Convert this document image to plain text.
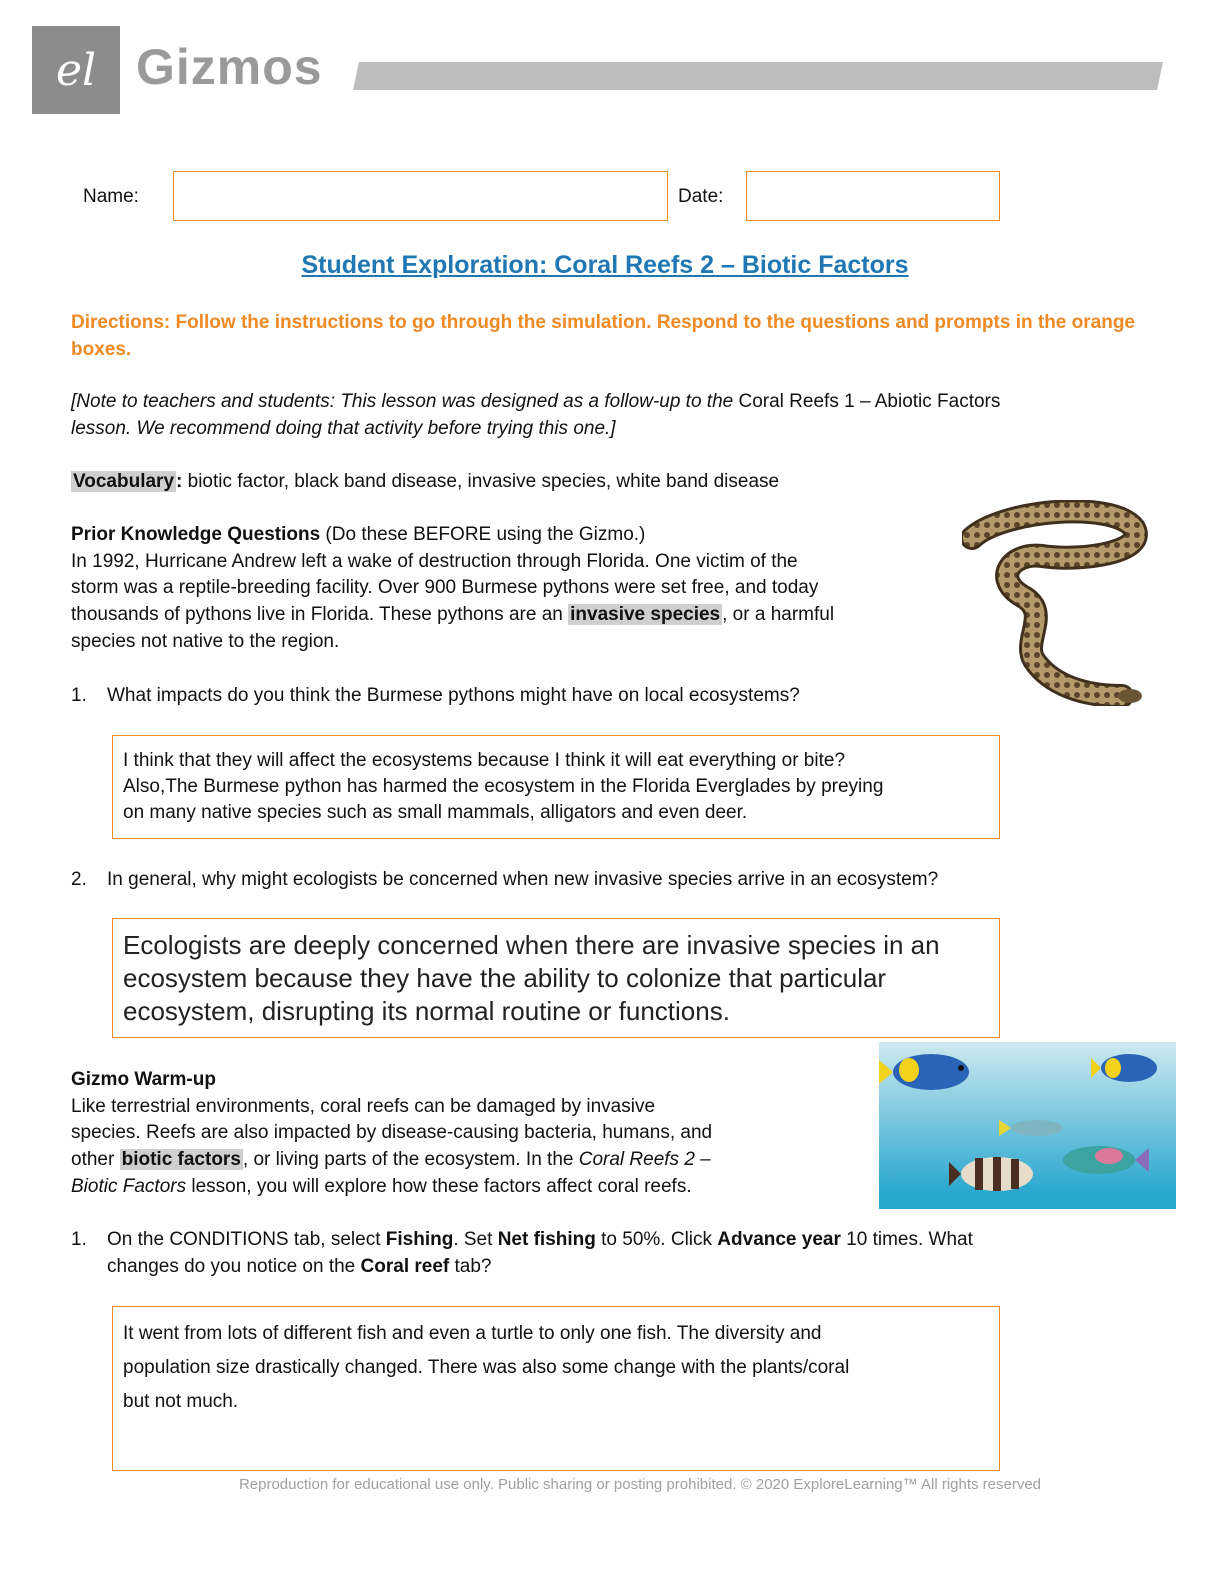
el Gizmos
Name:	Date:
Student Exploration: Coral Reefs 2 – Biotic Factors
Directions: Follow the instructions to go through the simulation. Respond to the questions and prompts in the orange boxes.
[Note to teachers and students: This lesson was designed as a follow-up to the Coral Reefs 1 – Abiotic Factors
lesson. We recommend doing that activity before trying this one.]
Vocabulary : biotic factor, black band disease, invasive species, white band disease
Prior Knowledge Questions (Do these BEFORE using the Gizmo.)
In 1992, Hurricane Andrew left a wake of destruction through Florida. One victim of the
storm was a reptile-breeding facility. Over 900 Burmese pythons were set free, and today
thousands of pythons live in Florida. These pythons are an invasive species , or a harmful
species not native to the region.
1. What impacts do you think the Burmese pythons might have on local ecosystems?
I think that they will affect the ecosystems because I think it will eat everything or bite?
Also,The Burmese python has harmed the ecosystem in the Florida Everglades by preying
on many native species such as small mammals, alligators and even deer.
2. In general, why might ecologists be concerned when new invasive species arrive in an ecosystem?
Ecologists are deeply concerned when there are invasive species in an
ecosystem because they have the ability to colonize that particular
ecosystem, disrupting its normal routine or functions.
Gizmo Warm-up
Like terrestrial environments, coral reefs can be damaged by invasive
species. Reefs are also impacted by disease-causing bacteria, humans, and
other biotic factors , or living parts of the ecosystem. In the Coral Reefs 2 –
Biotic Factors lesson, you will explore how these factors affect coral reefs.
1. On the CONDITIONS tab, select Fishing. Set Net fishing to 50%. Click Advance year 10 times. What
changes do you notice on the Coral reef tab?
It went from lots of different fish and even a turtle to only one fish. The diversity and
population size drastically changed. There was also some change with the plants/coral
but not much.
Reproduction for educational use only. Public sharing or posting prohibited. © 2020 ExploreLearning™ All rights reserved
